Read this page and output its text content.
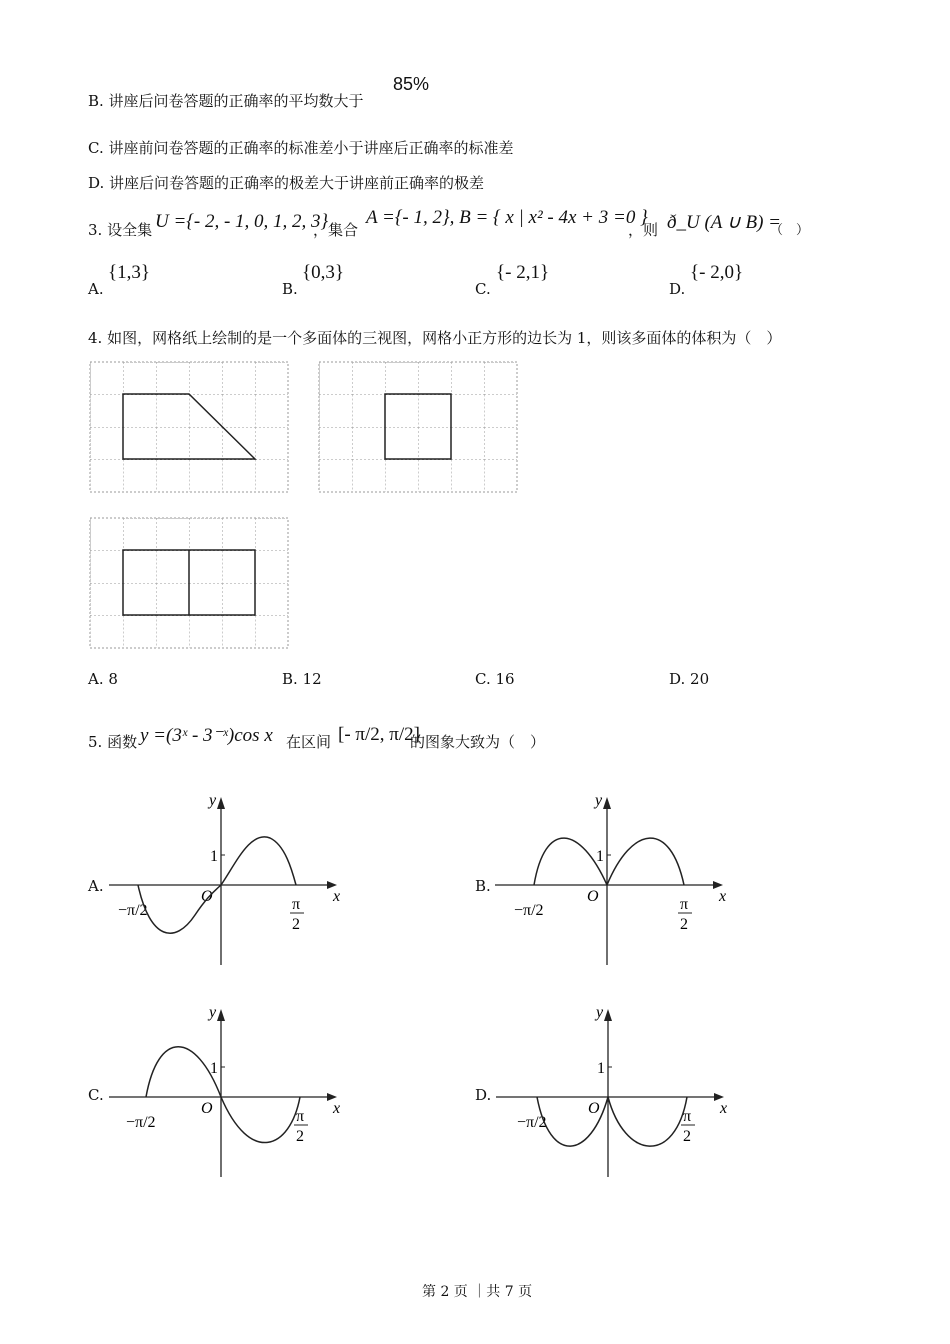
B. 讲座后问卷答题的正确率的平均数大于
85%
C. 讲座前问卷答题的正确率的标准差小于讲座后正确率的标准差
D. 讲座后问卷答题的正确率的极差大于讲座前正确率的极差
3. 设全集 U ={- 2, - 1, 0, 1, 2, 3}
，集合
A ={- 1, 2}, B = { x | x² - 4x + 3 =0 }
，则 ð_U (A ∪ B) =
（　）
A.
{1,3}
B.
{0,3}
C.
{- 2,1}
D.
{- 2,0}
4. 如图，网格纸上绘制的是一个多面体的三视图，网格小正方形的边长为 1，则该多面体的体积为（　）
A. 8	B. 12	C. 16	D. 20
5. 函数 y =(3ˣ - 3⁻ˣ)cos x 在区间 [- π/2, π/2]
的图象大致为（　）
A.	B.
C.	D.
y
x
1
O
−π/2	π
2
y
x
1
O
−π/2	π
2
y
x
1
O
−π/2	π
2
y
x
1
O
−π/2	π
2
第 2 页 ｜共 7 页
